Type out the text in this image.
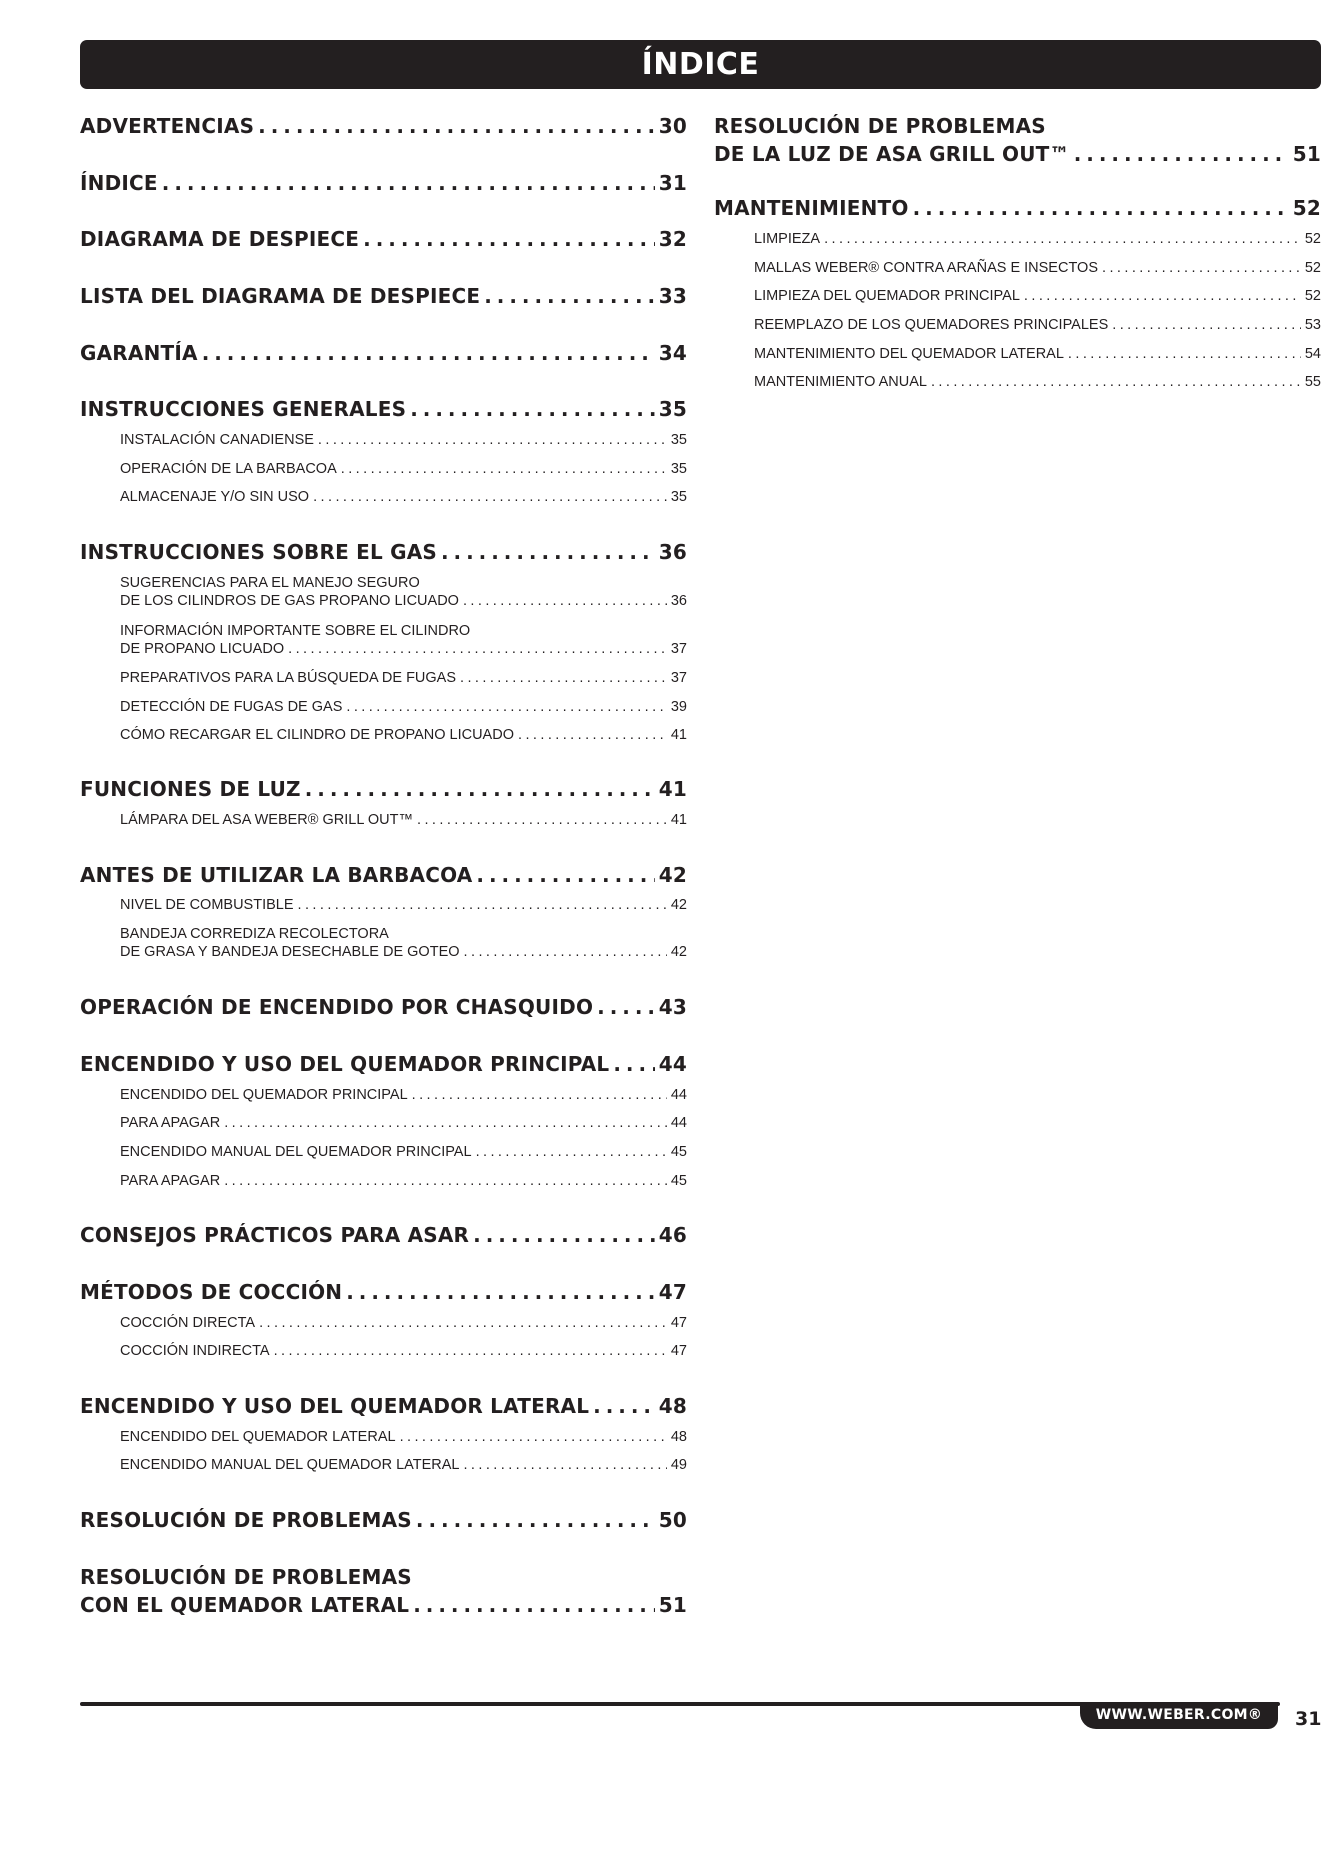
ÍNDICE
ADVERTENCIAS . . .	30
ÍNDICE . . .	31
DIAGRAMA DE DESPIECE . . .	32
LISTA DEL DIAGRAMA DE DESPIECE . . .	33
GARANTÍA . . .	34
INSTRUCCIONES GENERALES . . .	35
INSTALACIÓN CANADIENSE . . .	35
OPERACIÓN DE LA BARBACOA . . .	35
ALMACENAJE Y/O SIN USO . . .	35
INSTRUCCIONES SOBRE EL GAS . . .	36
SUGERENCIAS PARA EL MANEJO SEGURO
DE LOS CILINDROS DE GAS PROPANO LICUADO . . .	36
INFORMACIÓN IMPORTANTE SOBRE EL CILINDRO
DE PROPANO LICUADO . . .	37
PREPARATIVOS PARA LA BÚSQUEDA DE FUGAS . . .	37
DETECCIÓN DE FUGAS DE GAS . . .	39
CÓMO RECARGAR EL CILINDRO DE PROPANO LICUADO . . .	41
FUNCIONES DE LUZ . . .	41
LÁMPARA DEL ASA WEBER® GRILL OUT™ . . .	41
ANTES DE UTILIZAR LA BARBACOA . . .	42
NIVEL DE COMBUSTIBLE . . .	42
BANDEJA CORREDIZA RECOLECTORA
DE GRASA Y BANDEJA DESECHABLE DE GOTEO . . .	42
OPERACIÓN DE ENCENDIDO POR CHASQUIDO . . .	43
ENCENDIDO Y USO DEL QUEMADOR PRINCIPAL . . . 44
ENCENDIDO DEL QUEMADOR PRINCIPAL . . .	44
PARA APAGAR . . .	44
ENCENDIDO MANUAL DEL QUEMADOR PRINCIPAL . . .	45
PARA APAGAR . . .	45
CONSEJOS PRÁCTICOS PARA ASAR . . .	46
MÉTODOS DE COCCIÓN . . .	47
COCCIÓN DIRECTA . . .	47
COCCIÓN INDIRECTA . . .	47
ENCENDIDO Y USO DEL QUEMADOR LATERAL . . .	48
ENCENDIDO DEL QUEMADOR LATERAL . . .	48
ENCENDIDO MANUAL DEL QUEMADOR LATERAL . . .	49
RESOLUCIÓN DE PROBLEMAS . . .	50
RESOLUCIÓN DE PROBLEMAS
CON EL QUEMADOR LATERAL . . .	51
RESOLUCIÓN DE PROBLEMAS
DE LA LUZ DE ASA GRILL OUT™ . . .	51
MANTENIMIENTO . . .	52
LIMPIEZA . . .	52
MALLAS WEBER® CONTRA ARAÑAS E INSECTOS . . .	52
LIMPIEZA DEL QUEMADOR PRINCIPAL . . .	52
REEMPLAZO DE LOS QUEMADORES PRINCIPALES . . .	53
MANTENIMIENTO DEL QUEMADOR LATERAL . . .	54
MANTENIMIENTO ANUAL . . .	55
WWW.WEBER.COM®	31
